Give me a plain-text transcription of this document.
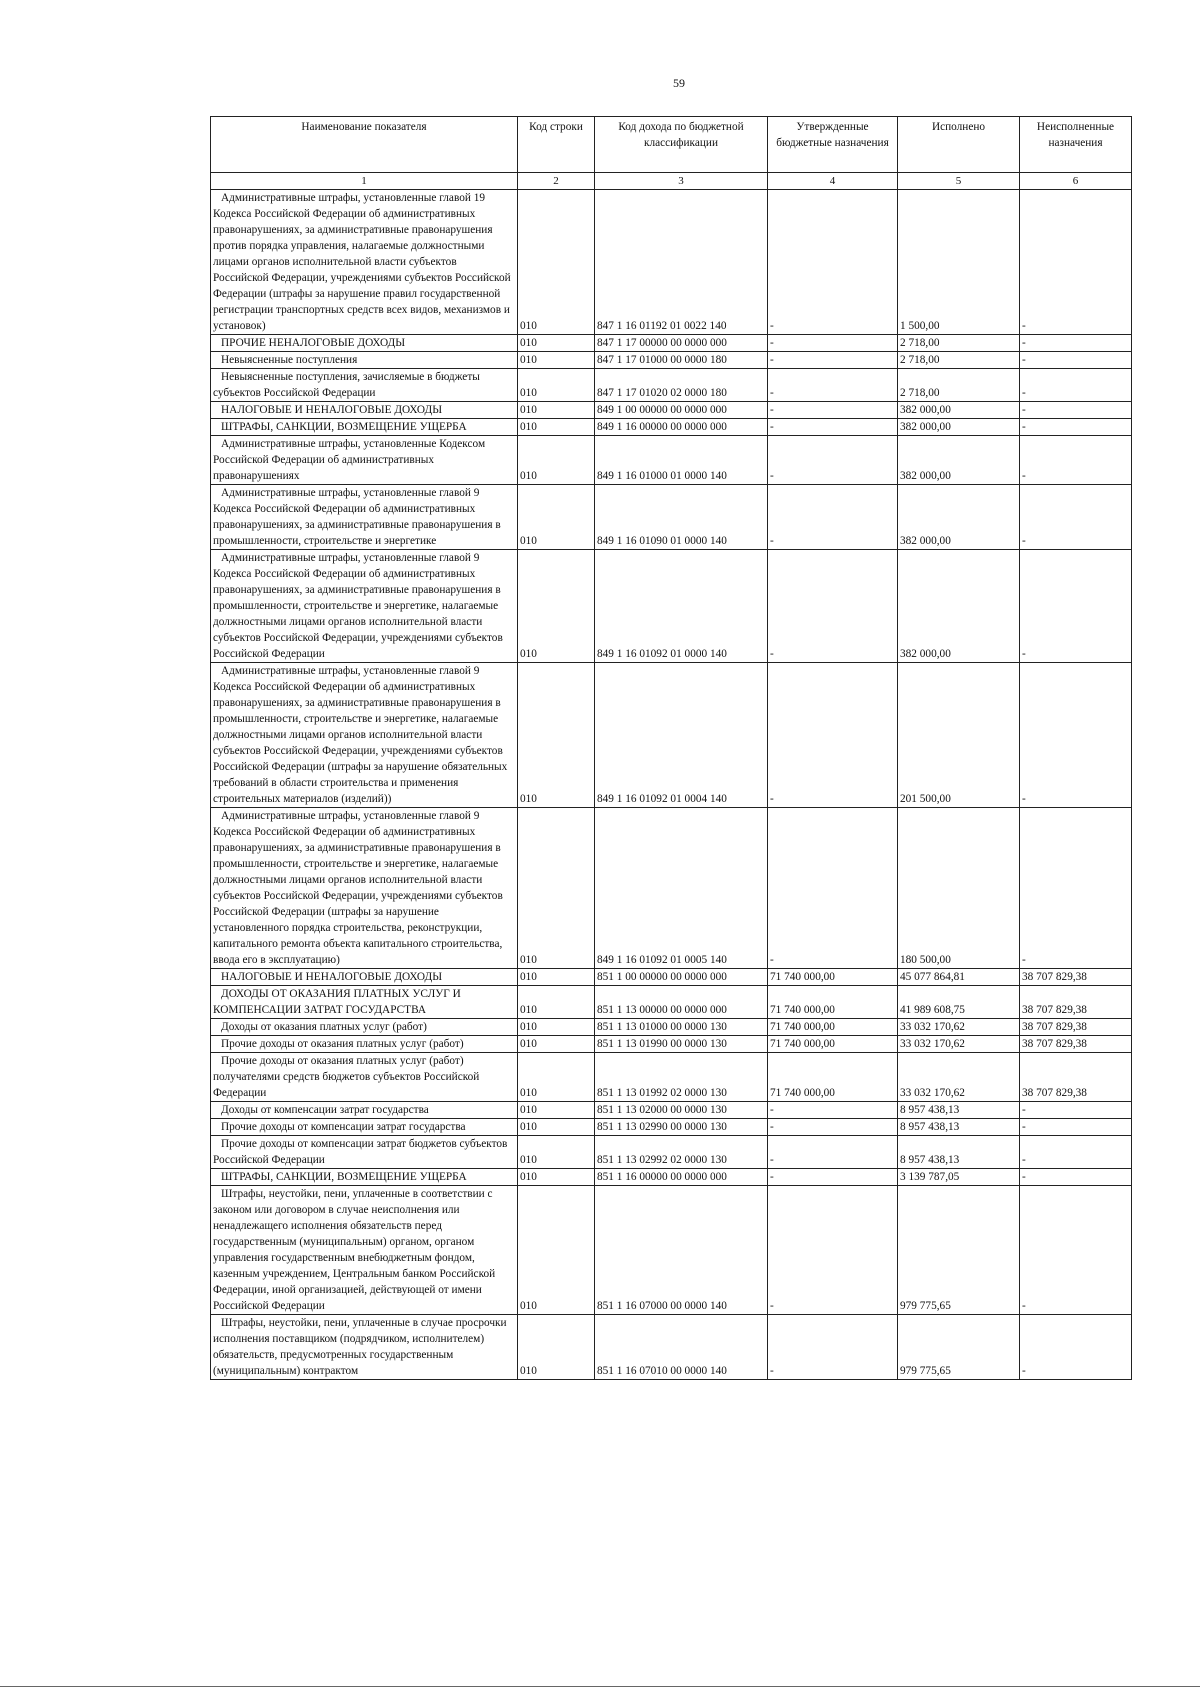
59
Наименование показателя	Код строки	Код дохода по бюджетной классификации	Утвержденные бюджетные назначения	Исполнено	Неисполненные назначения
1	2	3	4	5	6
Административные штрафы, установленные главой 19 Кодекса Российской Федерации об административных правонарушениях, за административные правонарушения против порядка управления, налагаемые должностными лицами органов исполнительной власти субъектов Российской Федерации, учреждениями субъектов Российской Федерации (штрафы за нарушение правил государственной регистрации транспортных средств всех видов, механизмов и установок)	010	847 1 16 01192 01 0022 140	-	1 500,00	-
ПРОЧИЕ НЕНАЛОГОВЫЕ ДОХОДЫ	010	847 1 17 00000 00 0000 000	-	2 718,00	-
Невыясненные поступления	010	847 1 17 01000 00 0000 180	-	2 718,00	-
Невыясненные поступления, зачисляемые в бюджеты субъектов Российской Федерации	010	847 1 17 01020 02 0000 180	-	2 718,00	-
НАЛОГОВЫЕ И НЕНАЛОГОВЫЕ ДОХОДЫ	010	849 1 00 00000 00 0000 000	-	382 000,00	-
ШТРАФЫ, САНКЦИИ, ВОЗМЕЩЕНИЕ УЩЕРБА	010	849 1 16 00000 00 0000 000	-	382 000,00	-
Административные штрафы, установленные Кодексом Российской Федерации об административных правонарушениях	010	849 1 16 01000 01 0000 140	-	382 000,00	-
Административные штрафы, установленные главой 9 Кодекса Российской Федерации об административных правонарушениях, за административные правонарушения в промышленности, строительстве и энергетике	010	849 1 16 01090 01 0000 140	-	382 000,00	-
Административные штрафы, установленные главой 9 Кодекса Российской Федерации об административных правонарушениях, за административные правонарушения в промышленности, строительстве и энергетике, налагаемые должностными лицами органов исполнительной власти субъектов Российской Федерации, учреждениями субъектов Российской Федерации	010	849 1 16 01092 01 0000 140	-	382 000,00	-
Административные штрафы, установленные главой 9 Кодекса Российской Федерации об административных правонарушениях, за административные правонарушения в промышленности, строительстве и энергетике, налагаемые должностными лицами органов исполнительной власти субъектов Российской Федерации, учреждениями субъектов Российской Федерации (штрафы за нарушение обязательных требований в области строительства и применения строительных материалов (изделий))	010	849 1 16 01092 01 0004 140	-	201 500,00	-
Административные штрафы, установленные главой 9 Кодекса Российской Федерации об административных правонарушениях, за административные правонарушения в промышленности, строительстве и энергетике, налагаемые должностными лицами органов исполнительной власти субъектов Российской Федерации, учреждениями субъектов Российской Федерации (штрафы за нарушение установленного порядка строительства, реконструкции, капитального ремонта объекта капитального строительства, ввода его в эксплуатацию)	010	849 1 16 01092 01 0005 140	-	180 500,00	-
НАЛОГОВЫЕ И НЕНАЛОГОВЫЕ ДОХОДЫ	010	851 1 00 00000 00 0000 000	71 740 000,00	45 077 864,81	38 707 829,38
ДОХОДЫ ОТ ОКАЗАНИЯ ПЛАТНЫХ УСЛУГ И КОМПЕНСАЦИИ ЗАТРАТ ГОСУДАРСТВА	010	851 1 13 00000 00 0000 000	71 740 000,00	41 989 608,75	38 707 829,38
Доходы от оказания платных услуг (работ)	010	851 1 13 01000 00 0000 130	71 740 000,00	33 032 170,62	38 707 829,38
Прочие доходы от оказания платных услуг (работ)	010	851 1 13 01990 00 0000 130	71 740 000,00	33 032 170,62	38 707 829,38
Прочие доходы от оказания платных услуг (работ) получателями средств бюджетов субъектов Российской Федерации	010	851 1 13 01992 02 0000 130	71 740 000,00	33 032 170,62	38 707 829,38
Доходы от компенсации затрат государства	010	851 1 13 02000 00 0000 130	-	8 957 438,13	-
Прочие доходы от компенсации затрат государства	010	851 1 13 02990 00 0000 130	-	8 957 438,13	-
Прочие доходы от компенсации затрат бюджетов субъектов Российской Федерации	010	851 1 13 02992 02 0000 130	-	8 957 438,13	-
ШТРАФЫ, САНКЦИИ, ВОЗМЕЩЕНИЕ УЩЕРБА	010	851 1 16 00000 00 0000 000	-	3 139 787,05	-
Штрафы, неустойки, пени, уплаченные в соответствии с законом или договором в случае неисполнения или ненадлежащего исполнения обязательств перед государственным (муниципальным) органом, органом управления государственным внебюджетным фондом, казенным учреждением, Центральным банком Российской Федерации, иной организацией, действующей от имени Российской Федерации	010	851 1 16 07000 00 0000 140	-	979 775,65	-
Штрафы, неустойки, пени, уплаченные в случае просрочки исполнения поставщиком (подрядчиком, исполнителем) обязательств, предусмотренных государственным (муниципальным) контрактом	010	851 1 16 07010 00 0000 140	-	979 775,65	-
